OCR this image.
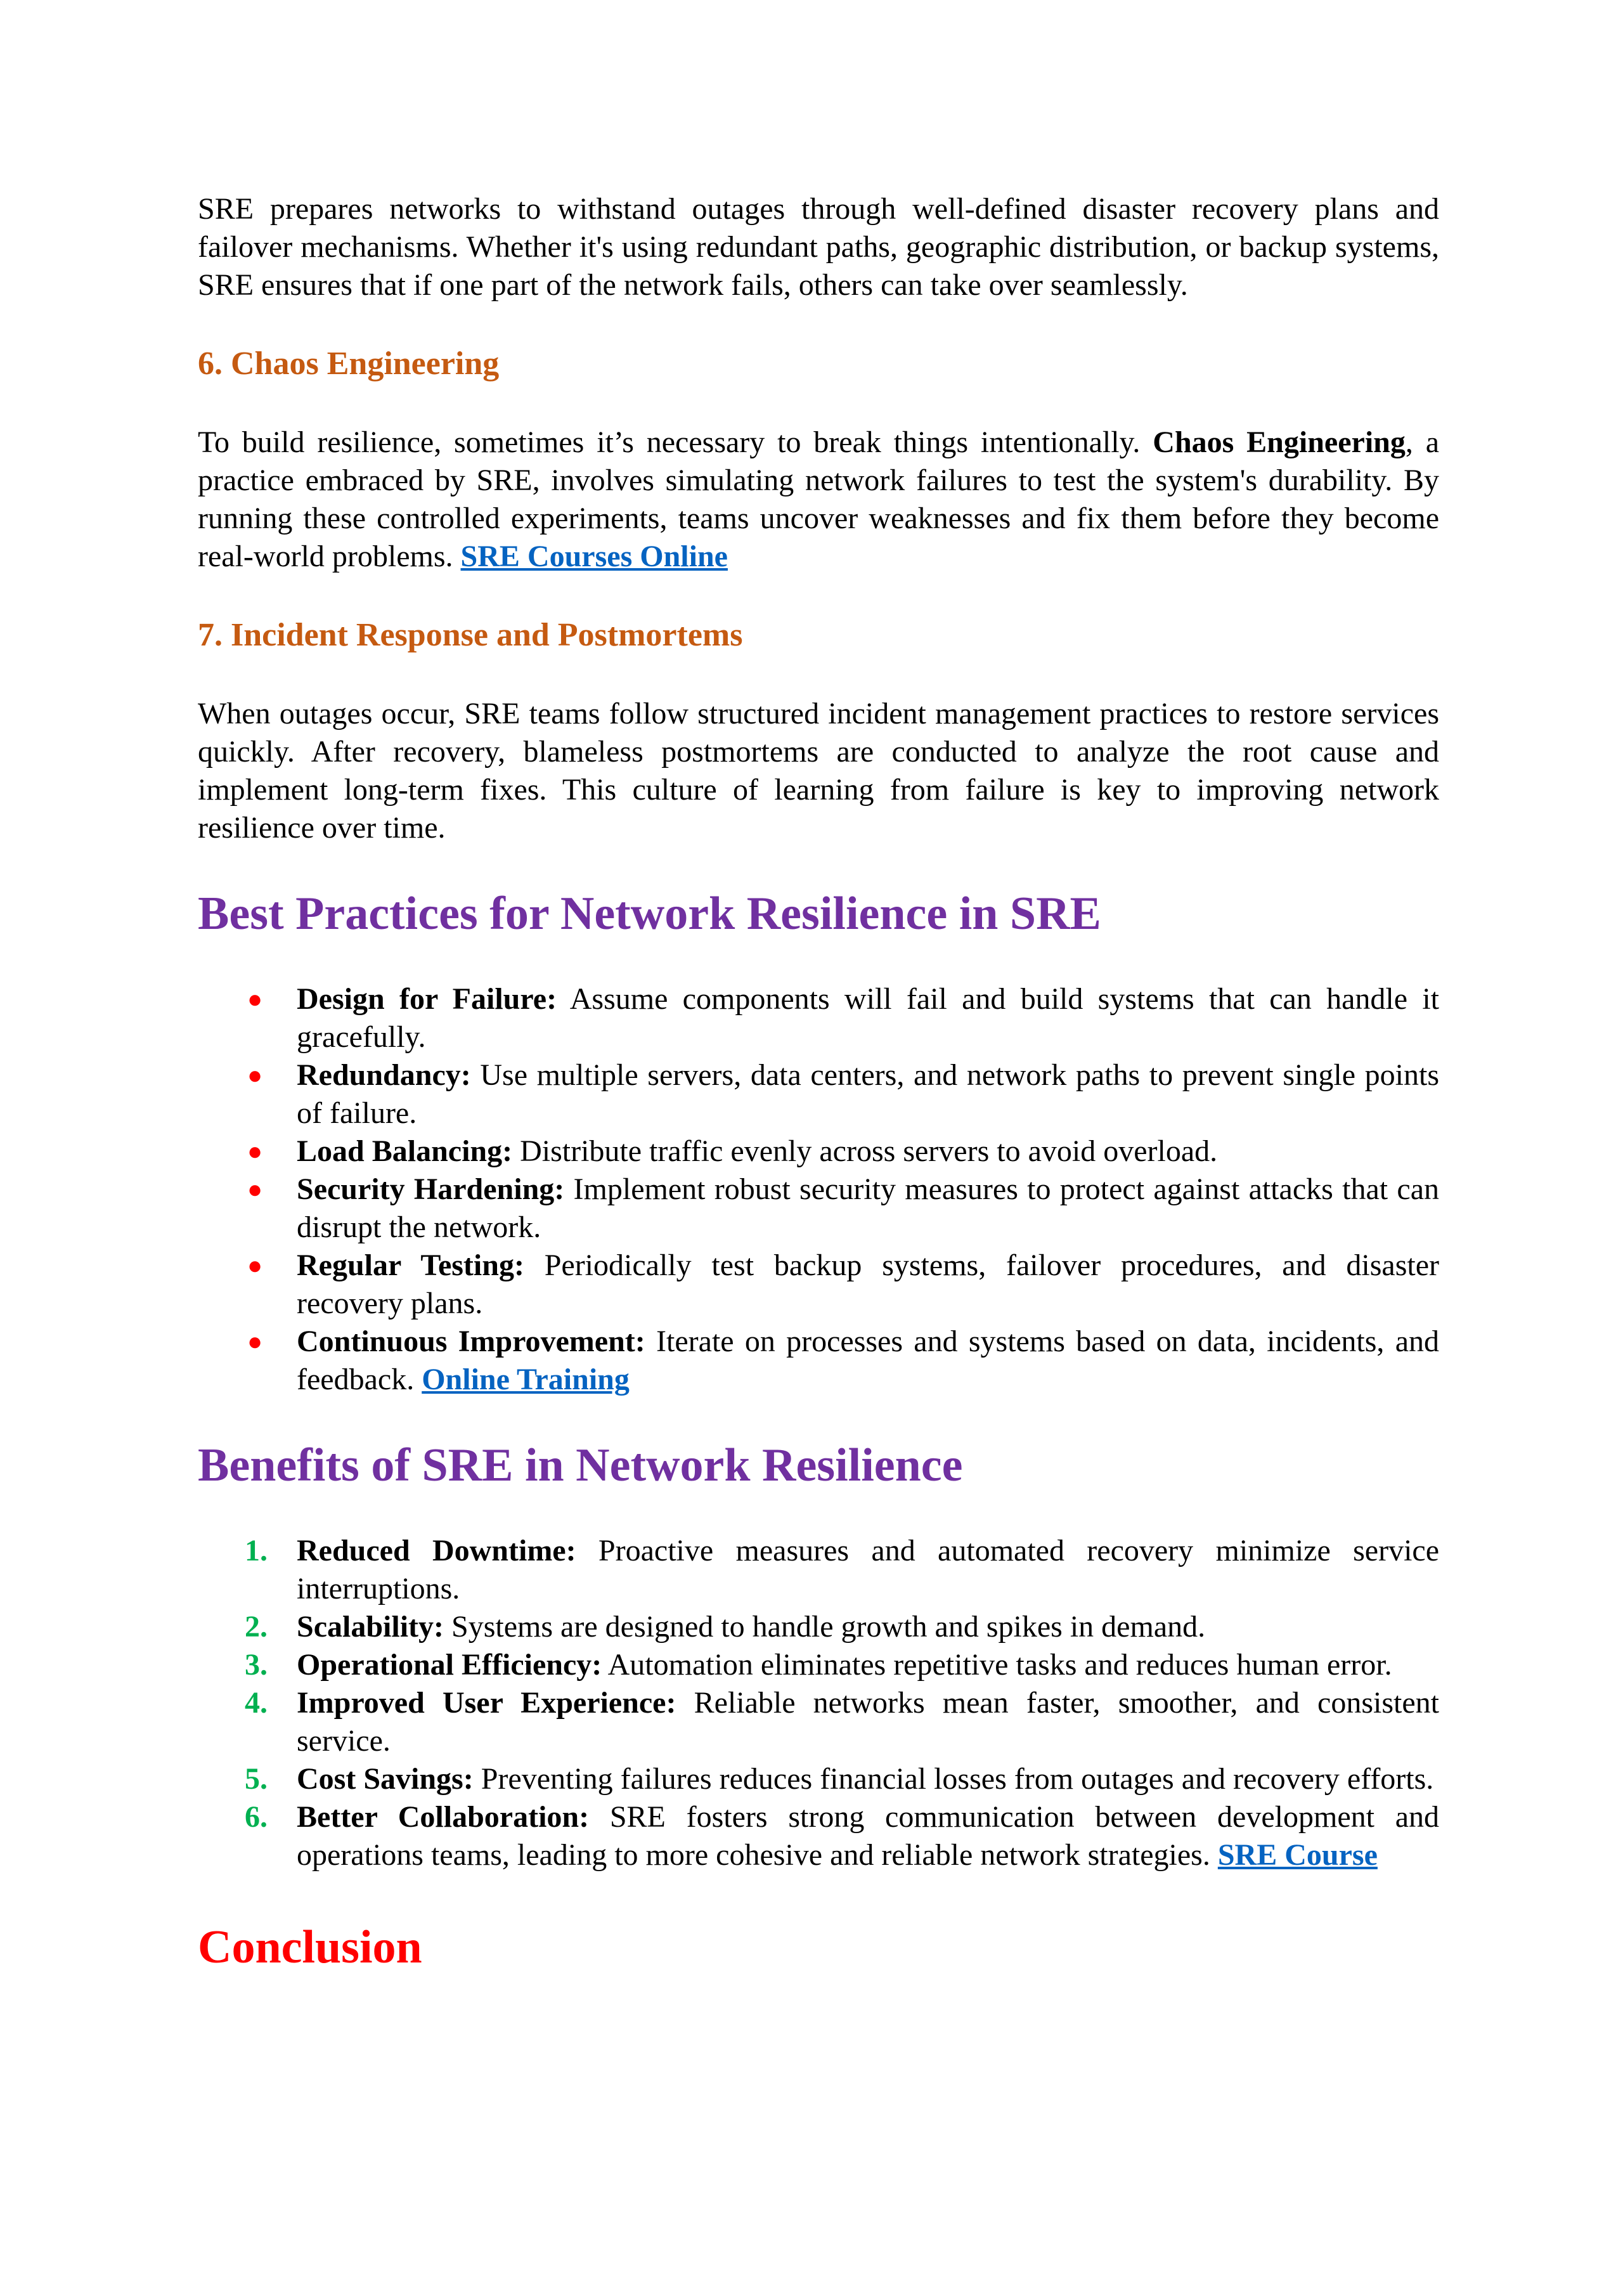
SRE prepares networks to withstand outages through well-defined disaster recovery plans and failover mechanisms. Whether it's using redundant paths, geographic distribution, or backup systems, SRE ensures that if one part of the network fails, others can take over seamlessly.

6. Chaos Engineering

To build resilience, sometimes it’s necessary to break things intentionally. Chaos Engineering, a practice embraced by SRE, involves simulating network failures to test the system's durability. By running these controlled experiments, teams uncover weaknesses and fix them before they become real-world problems. SRE Courses Online

7. Incident Response and Postmortems

When outages occur, SRE teams follow structured incident management practices to restore services quickly. After recovery, blameless postmortems are conducted to analyze the root cause and implement long-term fixes. This culture of learning from failure is key to improving network resilience over time.

Best Practices for Network Resilience in SRE
● Design for Failure: Assume components will fail and build systems that can handle it gracefully.
● Redundancy: Use multiple servers, data centers, and network paths to prevent single points of failure.
● Load Balancing: Distribute traffic evenly across servers to avoid overload.
● Security Hardening: Implement robust security measures to protect against attacks that can disrupt the network.
● Regular Testing: Periodically test backup systems, failover procedures, and disaster recovery plans.
● Continuous Improvement: Iterate on processes and systems based on data, incidents, and feedback. Online Training
Benefits of SRE in Network Resilience
1. Reduced Downtime: Proactive measures and automated recovery minimize service interruptions.
2. Scalability: Systems are designed to handle growth and spikes in demand.
3. Operational Efficiency: Automation eliminates repetitive tasks and reduces human error.
4. Improved User Experience: Reliable networks mean faster, smoother, and consistent service.
5. Cost Savings: Preventing failures reduces financial losses from outages and recovery efforts.
6. Better Collaboration: SRE fosters strong communication between development and operations teams, leading to more cohesive and reliable network strategies. SRE Course
Conclusion
